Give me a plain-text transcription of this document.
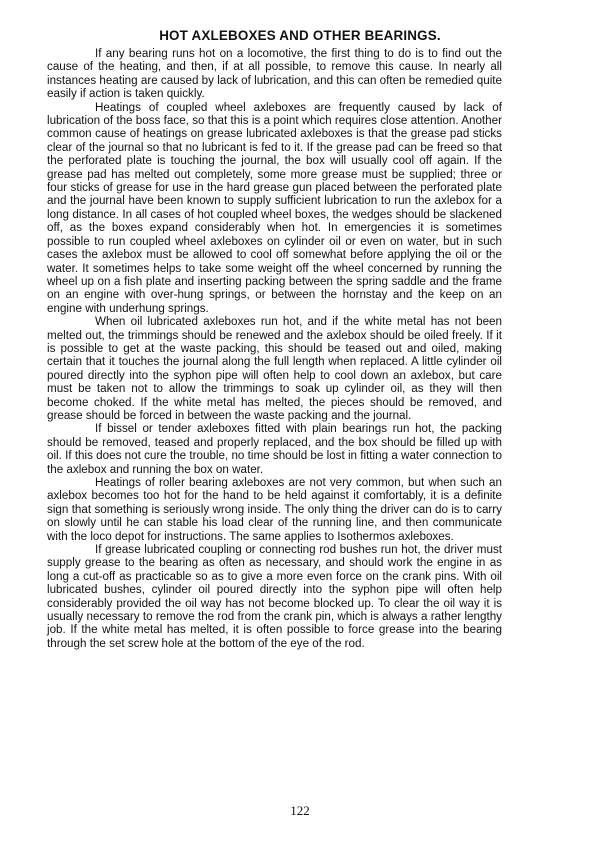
HOT AXLEBOXES AND OTHER BEARINGS.

If any bearing runs hot on a locomotive, the first thing to do is to find out the cause of the heating, and then, if at all possible, to remove this cause. In nearly all instances heating are caused by lack of lubrication, and this can often be remedied quite easily if action is taken quickly.

Heatings of coupled wheel axleboxes are frequently caused by lack of lubrication of the boss face, so that this is a point which requires close attention. Another common cause of heatings on grease lubricated axleboxes is that the grease pad sticks clear of the journal so that no lubricant is fed to it. If the grease pad can be freed so that the perforated plate is touching the journal, the box will usually cool off again. If the grease pad has melted out completely, some more grease must be supplied; three or four sticks of grease for use in the hard grease gun placed between the perforated plate and the journal have been known to supply sufficient lubrication to run the axlebox for a long distance. In all cases of hot coupled wheel boxes, the wedges should be slackened off, as the boxes expand considerably when hot. In emergencies it is sometimes possible to run coupled wheel axleboxes on cylinder oil or even on water, but in such cases the axlebox must be allowed to cool off somewhat before applying the oil or the water. It sometimes helps to take some weight off the wheel concerned by running the wheel up on a fish plate and inserting packing between the spring saddle and the frame on an engine with over-hung springs, or between the hornstay and the keep on an engine with underhung springs.

When oil lubricated axleboxes run hot, and if the white metal has not been melted out, the trimmings should be renewed and the axlebox should be oiled freely. If it is possible to get at the waste packing, this should be teased out and oiled, making certain that it touches the journal along the full length when replaced. A little cylinder oil poured directly into the syphon pipe will often help to cool down an axlebox, but care must be taken not to allow the trimmings to soak up cylinder oil, as they will then become choked. If the white metal has melted, the pieces should be removed, and grease should be forced in between the waste packing and the journal.

If bissel or tender axleboxes fitted with plain bearings run hot, the packing should be removed, teased and properly replaced, and the box should be filled up with oil. If this does not cure the trouble, no time should be lost in fitting a water connection to the axlebox and running the box on water.

Heatings of roller bearing axleboxes are not very common, but when such an axlebox becomes too hot for the hand to be held against it comfortably, it is a definite sign that something is seriously wrong inside. The only thing the driver can do is to carry on slowly until he can stable his load clear of the running line, and then communicate with the loco depot for instructions. The same applies to Isothermos axleboxes.

If grease lubricated coupling or connecting rod bushes run hot, the driver must supply grease to the bearing as often as necessary, and should work the engine in as long a cut-off as practicable so as to give a more even force on the crank pins. With oil lubricated bushes, cylinder oil poured directly into the syphon pipe will often help considerably provided the oil way has not become blocked up. To clear the oil way it is usually necessary to remove the rod from the crank pin, which is always a rather lengthy job. If the white metal has melted, it is often possible to force grease into the bearing through the set screw hole at the bottom of the eye of the rod.

122
